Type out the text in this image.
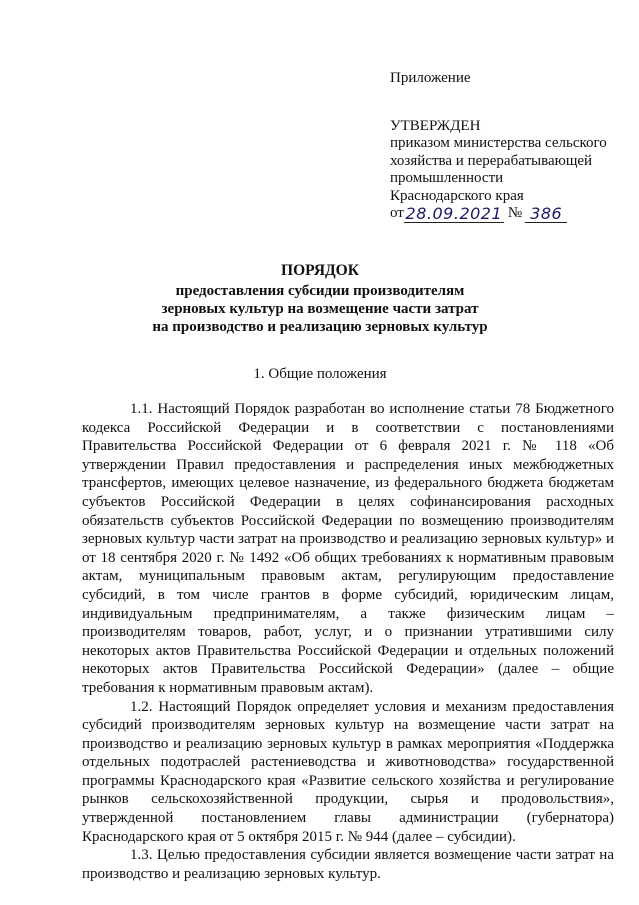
Приложение

УТВЕРЖДЕН

приказом министерства сельского

хозяйства и перерабатывающей

промышленности

Краснодарского края

от 28.09.2021 № 386

ПОРЯДОК

предоставления субсидии производителям

зерновых культур на возмещение части затрат

на производство и реализацию зерновых культур

1. Общие положения

1.1. Настоящий Порядок разработан во исполнение статьи 78 Бюджетного кодекса Российской Федерации и в соответствии с постановлениями Правительства Российской Федерации от 6 февраля 2021 г. № 118 «Об утверждении Правил предоставления и распределения иных межбюджетных трансфертов, имеющих целевое назначение, из федерального бюджета бюджетам субъектов Российской Федерации в целях софинансирования расходных обязательств субъектов Российской Федерации по возмещению производителям зерновых культур части затрат на производство и реализацию зерновых культур» и от 18 сентября 2020 г. № 1492 «Об общих требованиях к нормативным правовым актам, муниципальным правовым актам, регулирующим предоставление субсидий, в том числе грантов в форме субсидий, юридическим лицам, индивидуальным предпринимателям, а также физическим лицам – производителям товаров, работ, услуг, и о признании утратившими силу некоторых актов Правительства Российской Федерации и отдельных положений некоторых актов Правительства Российской Федерации» (далее – общие требования к нормативным правовым актам).

1.2. Настоящий Порядок определяет условия и механизм предоставления субсидий производителям зерновых культур на возмещение части затрат на производство и реализацию зерновых культур в рамках мероприятия «Поддержка отдельных подотраслей растениеводства и животноводства» государственной программы Краснодарского края «Развитие сельского хозяйства и регулирование рынков сельскохозяйственной продукции, сырья и продовольствия», утвержденной постановлением главы администрации (губернатора) Краснодарского края от 5 октября 2015 г. № 944 (далее – субсидии).

1.3. Целью предоставления субсидии является возмещение части затрат на производство и реализацию зерновых культур.
